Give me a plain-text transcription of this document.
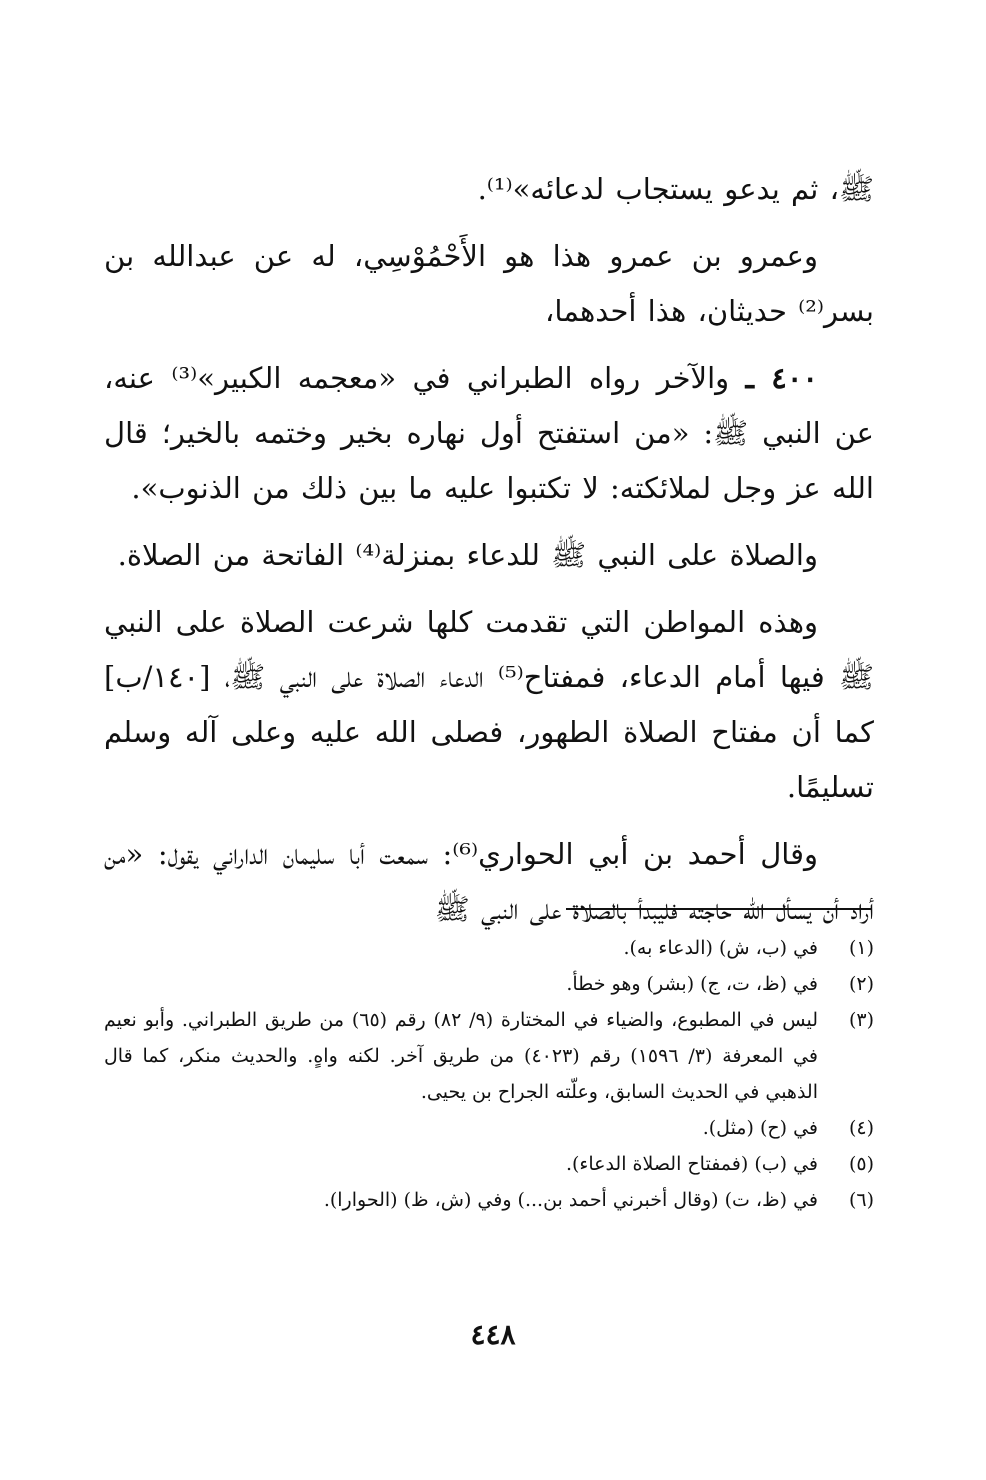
ﷺ، ثم يدعو يستجاب لدعائه»⁽¹⁾.

وعمرو بن عمرو هذا هو الأَحْمُوْسِي، له عن عبدالله بن بسر⁽²⁾ حديثان، هذا أحدهما،

٤٠٠ ـ والآخر رواه الطبراني في «معجمه الكبير»⁽³⁾ عنه، عن النبي ﷺ: «من استفتح أول نهاره بخير وختمه بالخير؛ قال الله عز وجل لملائكته: لا تكتبوا عليه ما بين ذلك من الذنوب».

والصلاة على النبي ﷺ للدعاء بمنزلة⁽⁴⁾ الفاتحة من الصلاة.

وهذه المواطن التي تقدمت كلها شرعت الصلاة على النبي ﷺ فيها أمام الدعاء، فمفتاح⁽⁵⁾ الدعاء الصلاة على النبي ﷺ، [١٤٠/ب] كما أن مفتاح الصلاة الطهور، فصلى الله عليه وعلى آله وسلم تسليمًا.

وقال أحمد بن أبي الحواري⁽⁶⁾: سمعت أبا سليمان الداراني يقول: «من أراد أن يسأل الله حاجته فليبدأ بالصلاة على النبي ﷺ

(١)
في (ب، ش) (الدعاء به).
(٢)
في (ظ، ت، ج) (بشر) وهو خطأ.
(٣)
ليس في المطبوع، والضياء في المختارة (٩/ ٨٢) رقم (٦٥) من طريق الطبراني. وأبو نعيم في المعرفة (٣/ ١٥٩٦) رقم (٤٠٢٣) من طريق آخر. لكنه واهٍ. والحديث منكر، كما قال الذهبي في الحديث السابق، وعلّته الجراح بن يحيى.
(٤)
في (ح) (مثل).
(٥)
في (ب) (فمفتاح الصلاة الدعاء).
(٦)
في (ظ، ت) (وقال أخبرني أحمد بن...) وفي (ش، ظ) (الحوارا).
٤٤٨
